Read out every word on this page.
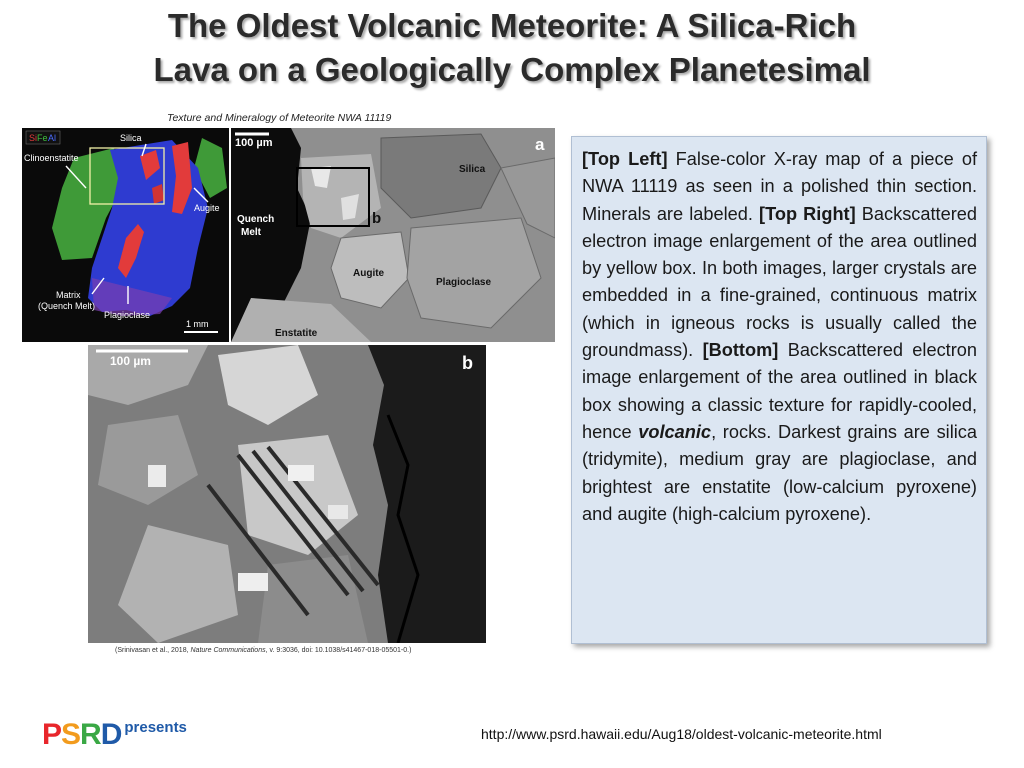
The Oldest Volcanic Meteorite: A Silica-Rich
Lava on a Geologically Complex Planetesimal
Texture and Mineralogy of Meteorite NWA 11119
Si Fe Al	Silica
Clinoenstatite
Augite
Matrix
(Quench Melt)
Plagioclase
1 mm
100 µm	a
Silica
Quench
Melt
b
Augite
Plagioclase
Enstatite
100 µm	b
(Srinivasan et al., 2018, Nature Communications, v. 9:3036, doi: 10.1038/s41467-018-05501-0.)

[Top Left] False-color X-ray map of a piece of NWA 11119 as seen in a polished thin section. Minerals are labeled. [Top Right] Backscattered electron image enlargement of the area outlined by yellow box. In both images, larger crystals are embedded in a fine-grained, continuous matrix (which in igneous rocks is usually called the groundmass). [Bottom] Backscattered electron image enlargement of the area outlined in black box showing a classic texture for rapidly-cooled, hence volcanic, rocks. Darkest grains are silica (tridymite), medium gray are plagioclase, and brightest are enstatite (low-calcium pyroxene) and augite (high-calcium pyroxene).

P S R D presents	http://www.psrd.hawaii.edu/Aug18/oldest-volcanic-meteorite.html
